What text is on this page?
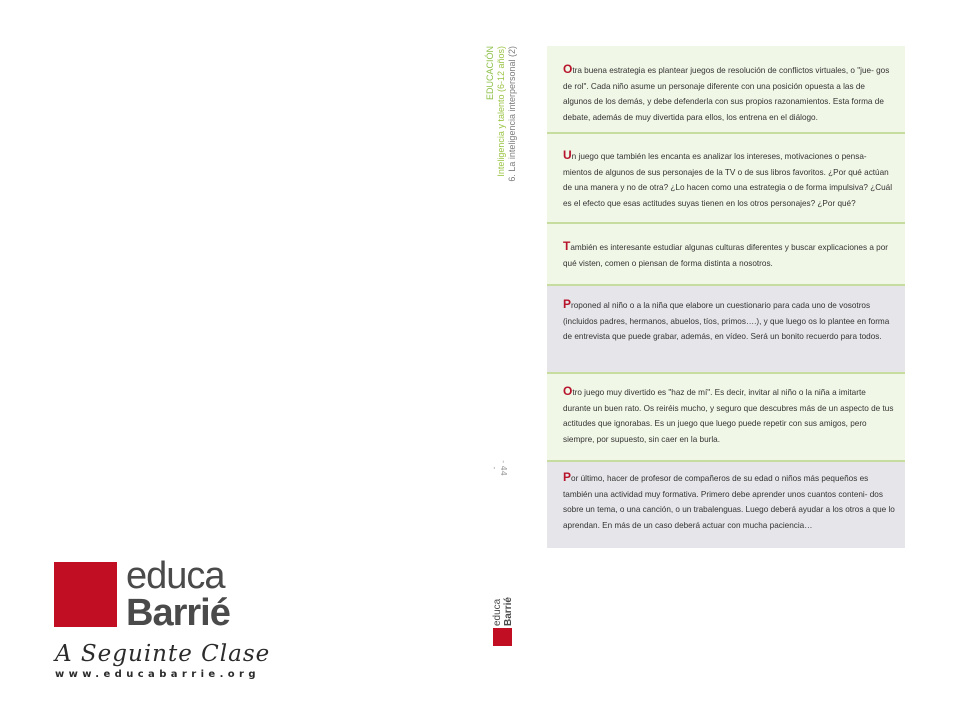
educa
Barrié
A Seguinte Clase
www.educabarrie.org
EDUCACIÓN Inteligencia y talento (6-12 años) 6. La inteligencia interpersonal (2)
- 44 -
educa Barrié

Otra buena estrategia es plantear juegos de resolución de conflictos virtuales, o "jue- gos de rol". Cada niño asume un personaje diferente con una posición opuesta a las de algunos de los demás, y debe defenderla con sus propios razonamientos. Esta forma de debate, además de muy divertida para ellos, los entrena en el diálogo.

Un juego que también les encanta es analizar los intereses, motivaciones o pensa- mientos de algunos de sus personajes de la TV o de sus libros favoritos. ¿Por qué actúan de una manera y no de otra? ¿Lo hacen como una estrategia o de forma impulsiva? ¿Cuál es el efecto que esas actitudes suyas tienen en los otros personajes? ¿Por qué?

También es interesante estudiar algunas culturas diferentes y buscar explicaciones a por qué visten, comen o piensan de forma distinta a nosotros.

Proponed al niño o a la niña que elabore un cuestionario para cada uno de vosotros (incluidos padres, hermanos, abuelos, tíos, primos….), y que luego os lo plantee en forma de entrevista que puede grabar, además, en vídeo. Será un bonito recuerdo para todos.

Otro juego muy divertido es "haz de mí". Es decir, invitar al niño o la niña a imitarte durante un buen rato. Os reiréis mucho, y seguro que descubres más de un aspecto de tus actitudes que ignorabas. Es un juego que luego puede repetir con sus amigos, pero siempre, por supuesto, sin caer en la burla.

Por último, hacer de profesor de compañeros de su edad o niños más pequeños es también una actividad muy formativa. Primero debe aprender unos cuantos conteni- dos sobre un tema, o una canción, o un trabalenguas. Luego deberá ayudar a los otros a que lo aprendan. En más de un caso deberá actuar con mucha paciencia…
